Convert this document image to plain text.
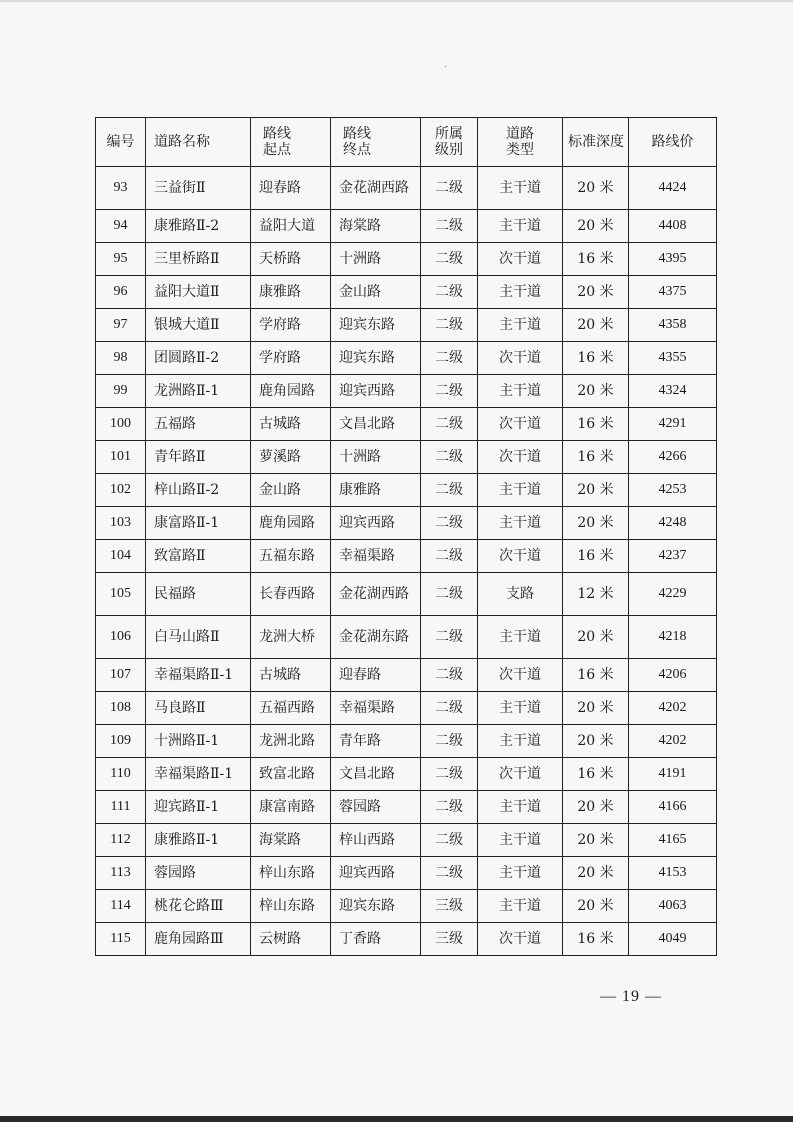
编号	道路名称	路线起点	路线终点	所属级别	道路类型	标准深度	路线价
93	三益街Ⅱ	迎春路	金花湖西路	二级	主干道	20 米	4424
94	康雅路Ⅱ-2	益阳大道	海棠路	二级	主干道	20 米	4408
95	三里桥路Ⅱ	天桥路	十洲路	二级	次干道	16 米	4395
96	益阳大道Ⅱ	康雅路	金山路	二级	主干道	20 米	4375
97	银城大道Ⅱ	学府路	迎宾东路	二级	主干道	20 米	4358
98	团圆路Ⅱ-2	学府路	迎宾东路	二级	次干道	16 米	4355
99	龙洲路Ⅱ-1	鹿角园路	迎宾西路	二级	主干道	20 米	4324
100	五福路	古城路	文昌北路	二级	次干道	16 米	4291
101	青年路Ⅱ	萝溪路	十洲路	二级	次干道	16 米	4266
102	梓山路Ⅱ-2	金山路	康雅路	二级	主干道	20 米	4253
103	康富路Ⅱ-1	鹿角园路	迎宾西路	二级	主干道	20 米	4248
104	致富路Ⅱ	五福东路	幸福渠路	二级	次干道	16 米	4237
105	民福路	长春西路	金花湖西路	二级	支路	12 米	4229
106	白马山路Ⅱ	龙洲大桥	金花湖东路	二级	主干道	20 米	4218
107	幸福渠路Ⅱ-1	古城路	迎春路	二级	次干道	16 米	4206
108	马良路Ⅱ	五福西路	幸福渠路	二级	主干道	20 米	4202
109	十洲路Ⅱ-1	龙洲北路	青年路	二级	主干道	20 米	4202
110	幸福渠路Ⅱ-1	致富北路	文昌北路	二级	次干道	16 米	4191
111	迎宾路Ⅱ-1	康富南路	蓉园路	二级	主干道	20 米	4166
112	康雅路Ⅱ-1	海棠路	梓山西路	二级	主干道	20 米	4165
113	蓉园路	梓山东路	迎宾西路	二级	主干道	20 米	4153
114	桃花仑路Ⅲ	梓山东路	迎宾东路	三级	主干道	20 米	4063
115	鹿角园路Ⅲ	云树路	丁香路	三级	次干道	16 米	4049
— 19 —
